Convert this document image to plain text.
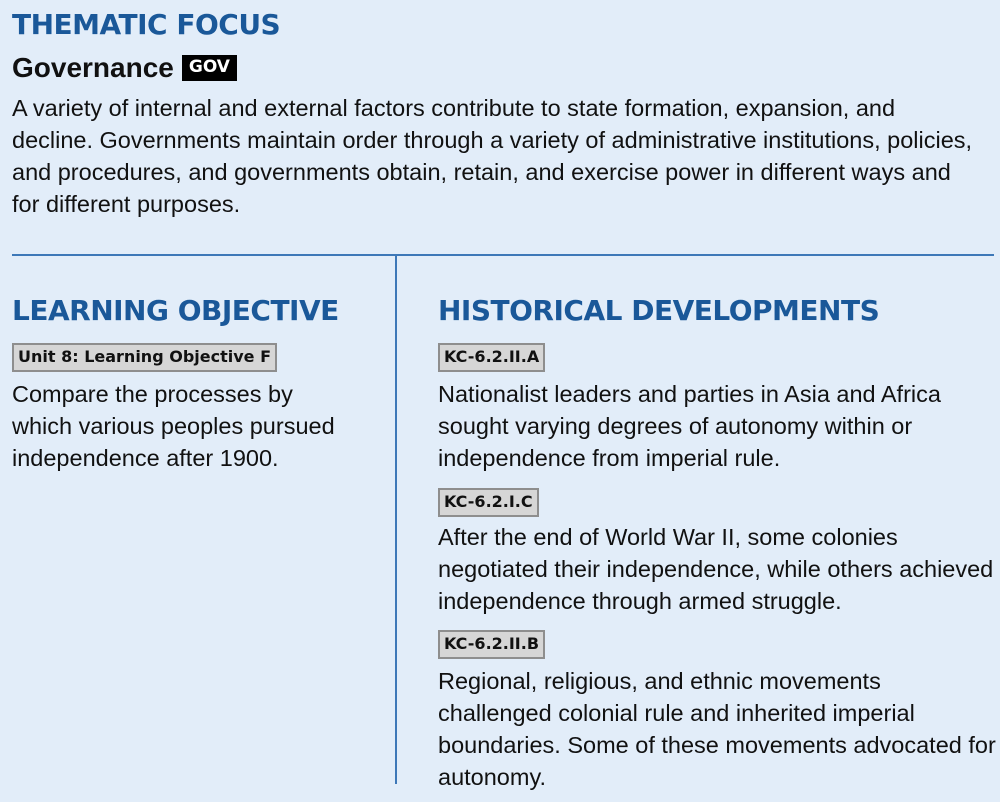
THEMATIC FOCUS
Governance GOV

A variety of internal and external factors contribute to state formation, expansion, and decline. Governments maintain order through a variety of administrative institutions, policies, and procedures, and governments obtain, retain, and exercise power in different ways and for different purposes.

LEARNING OBJECTIVE
Unit 8: Learning Objective F

Compare the processes by which various peoples pursued independence after 1900.

HISTORICAL DEVELOPMENTS
KC-6.2.II.A

Nationalist leaders and parties in Asia and Africa sought varying degrees of autonomy within or independence from imperial rule.

KC-6.2.I.C

After the end of World War II, some colonies negotiated their independence, while others achieved independence through armed struggle.

KC-6.2.II.B

Regional, religious, and ethnic movements challenged colonial rule and inherited imperial boundaries. Some of these movements advocated for autonomy.
